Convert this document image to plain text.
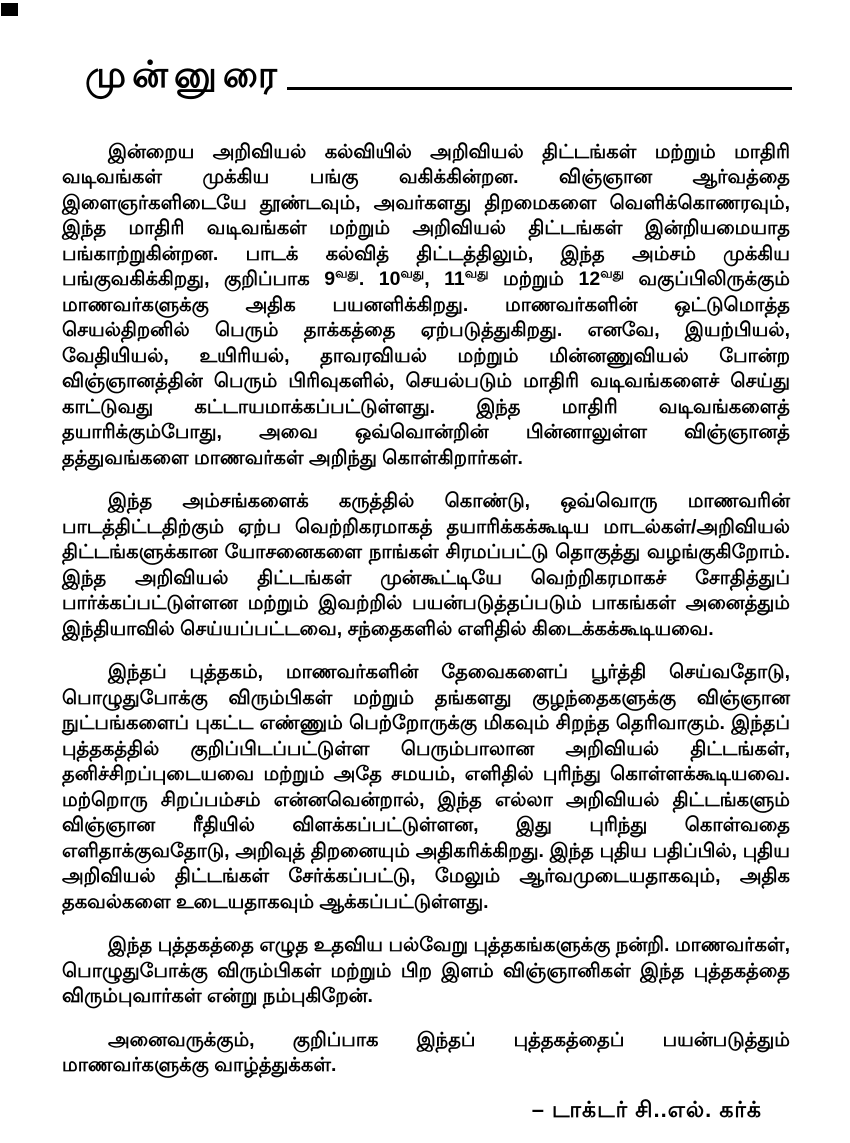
முன்னுரை

இன்றைய அறிவியல் கல்வியில் அறிவியல் திட்டங்கள் மற்றும் மாதிரி வடிவங்கள் முக்கிய பங்கு வகிக்கின்றன. விஞ்ஞான ஆர்வத்தை இளைஞர்களிடையே தூண்டவும், அவர்களது திறமைகளை வெளிக்கொணரவும், இந்த மாதிரி வடிவங்கள் மற்றும் அறிவியல் திட்டங்கள் இன்றியமையாத பங்காற்றுகின்றன. பாடக் கல்வித் திட்டத்திலும், இந்த அம்சம் முக்கிய பங்குவகிக்கிறது, குறிப்பாக $9^{வது}$. $10^{வது}$, $11^{வது}$ மற்றும் $12^{வது}$ வகுப்பிலிருக்கும் மாணவர்களுக்கு அதிக பயனளிக்கிறது. மாணவர்களின் ஒட்டுமொத்த செயல்திறனில் பெரும் தாக்கத்தை ஏற்படுத்துகிறது. எனவே, இயற்பியல், வேதியியல், உயிரியல், தாவரவியல் மற்றும் மின்னணுவியல் போன்ற விஞ்ஞானத்தின் பெரும் பிரிவுகளில், செயல்படும் மாதிரி வடிவங்களைச் செய்து காட்டுவது கட்டாயமாக்கப்பட்டுள்ளது. இந்த மாதிரி வடிவங்களைத் தயாரிக்கும்போது, அவை ஒவ்வொன்றின் பின்னாலுள்ள விஞ்ஞானத் தத்துவங்களை மாணவர்கள் அறிந்து கொள்கிறார்கள்.

இந்த அம்சங்களைக் கருத்தில் கொண்டு, ஒவ்வொரு மாணவரின் பாடத்திட்டதிற்கும் ஏற்ப வெற்றிகரமாகத் தயாரிக்கக்கூடிய மாடல்கள்/அறிவியல் திட்டங்களுக்கான யோசனைகளை நாங்கள் சிரமப்பட்டு தொகுத்து வழங்குகிறோம். இந்த அறிவியல் திட்டங்கள் முன்கூட்டியே வெற்றிகரமாகச் சோதித்துப் பார்க்கப்பட்டுள்ளன மற்றும் இவற்றில் பயன்படுத்தப்படும் பாகங்கள் அனைத்தும் இந்தியாவில் செய்யப்பட்டவை, சந்தைகளில் எளிதில் கிடைக்கக்கூடியவை.

இந்தப் புத்தகம், மாணவர்களின் தேவைகளைப் பூர்த்தி செய்வதோடு, பொழுதுபோக்கு விரும்பிகள் மற்றும் தங்களது குழந்தைகளுக்கு விஞ்ஞான நுட்பங்களைப் புகட்ட எண்ணும் பெற்றோருக்கு மிகவும் சிறந்த தெரிவாகும். இந்தப் புத்தகத்தில் குறிப்பிடப்பட்டுள்ள பெரும்பாலான அறிவியல் திட்டங்கள், தனிச்சிறப்புடையவை மற்றும் அதே சமயம், எளிதில் புரிந்து கொள்ளக்கூடியவை. மற்றொரு சிறப்பம்சம் என்னவென்றால், இந்த எல்லா அறிவியல் திட்டங்களும் விஞ்ஞான ரீதியில் விளக்கப்பட்டுள்ளன, இது புரிந்து கொள்வதை எளிதாக்குவதோடு, அறிவுத் திறனையும் அதிகரிக்கிறது. இந்த புதிய பதிப்பில், புதிய அறிவியல் திட்டங்கள் சேர்க்கப்பட்டு, மேலும் ஆர்வமுடையதாகவும், அதிக தகவல்களை உடையதாகவும் ஆக்கப்பட்டுள்ளது.

இந்த புத்தகத்தை எழுத உதவிய பல்வேறு புத்தகங்களுக்கு நன்றி. மாணவர்கள், பொழுதுபோக்கு விரும்பிகள் மற்றும் பிற இளம் விஞ்ஞானிகள் இந்த புத்தகத்தை விரும்புவார்கள் என்று நம்புகிறேன்.

அனைவருக்கும், குறிப்பாக இந்தப் புத்தகத்தைப் பயன்படுத்தும் மாணவர்களுக்கு வாழ்த்துக்கள்.

– டாக்டர் சி..எல். கர்க்
